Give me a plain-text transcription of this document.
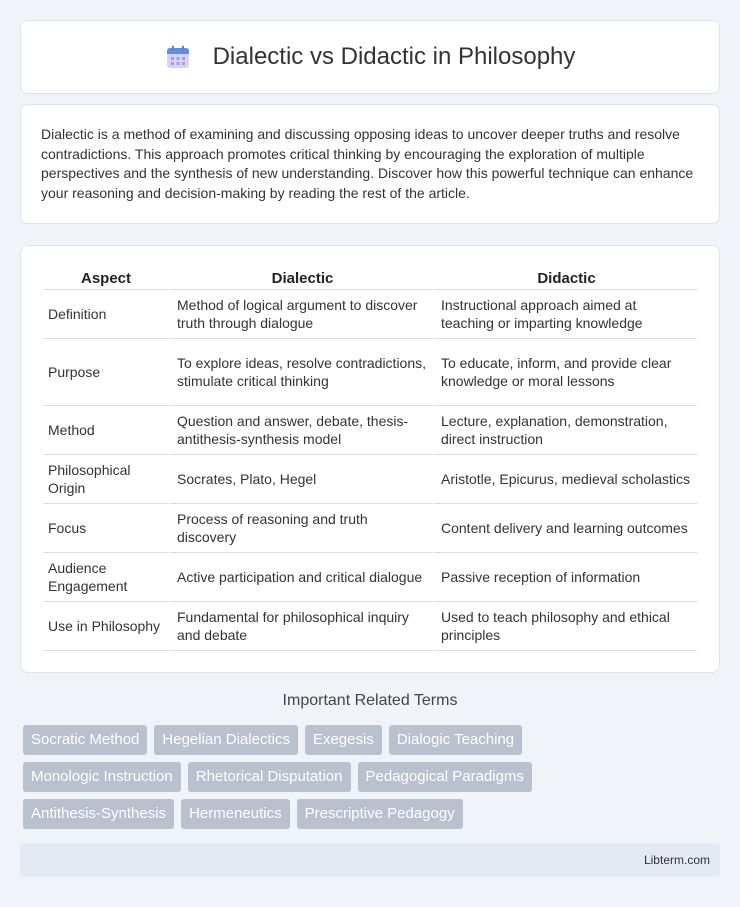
Dialectic vs Didactic in Philosophy

Dialectic is a method of examining and discussing opposing ideas to uncover deeper truths and resolve contradictions. This approach promotes critical thinking by encouraging the exploration of multiple perspectives and the synthesis of new understanding. Discover how this powerful technique can enhance your reasoning and decision-making by reading the rest of the article.

Aspect	Dialectic	Didactic
Definition	Method of logical argument to discover truth through dialogue	Instructional approach aimed at teaching or imparting knowledge
Purpose	To explore ideas, resolve contradictions, stimulate critical thinking	To educate, inform, and provide clear knowledge or moral lessons
Method	Question and answer, debate, thesis-antithesis-synthesis model	Lecture, explanation, demonstration, direct instruction
Philosophical Origin	Socrates, Plato, Hegel	Aristotle, Epicurus, medieval scholastics
Focus	Process of reasoning and truth discovery	Content delivery and learning outcomes
Audience Engagement	Active participation and critical dialogue	Passive reception of information
Use in Philosophy	Fundamental for philosophical inquiry and debate	Used to teach philosophy and ethical principles
Important Related Terms
Socratic Method	Hegelian Dialectics	Exegesis	Dialogic Teaching
Monologic Instruction	Rhetorical Disputation	Pedagogical Paradigms
Antithesis-Synthesis	Hermeneutics	Prescriptive Pedagogy
Libterm.com
